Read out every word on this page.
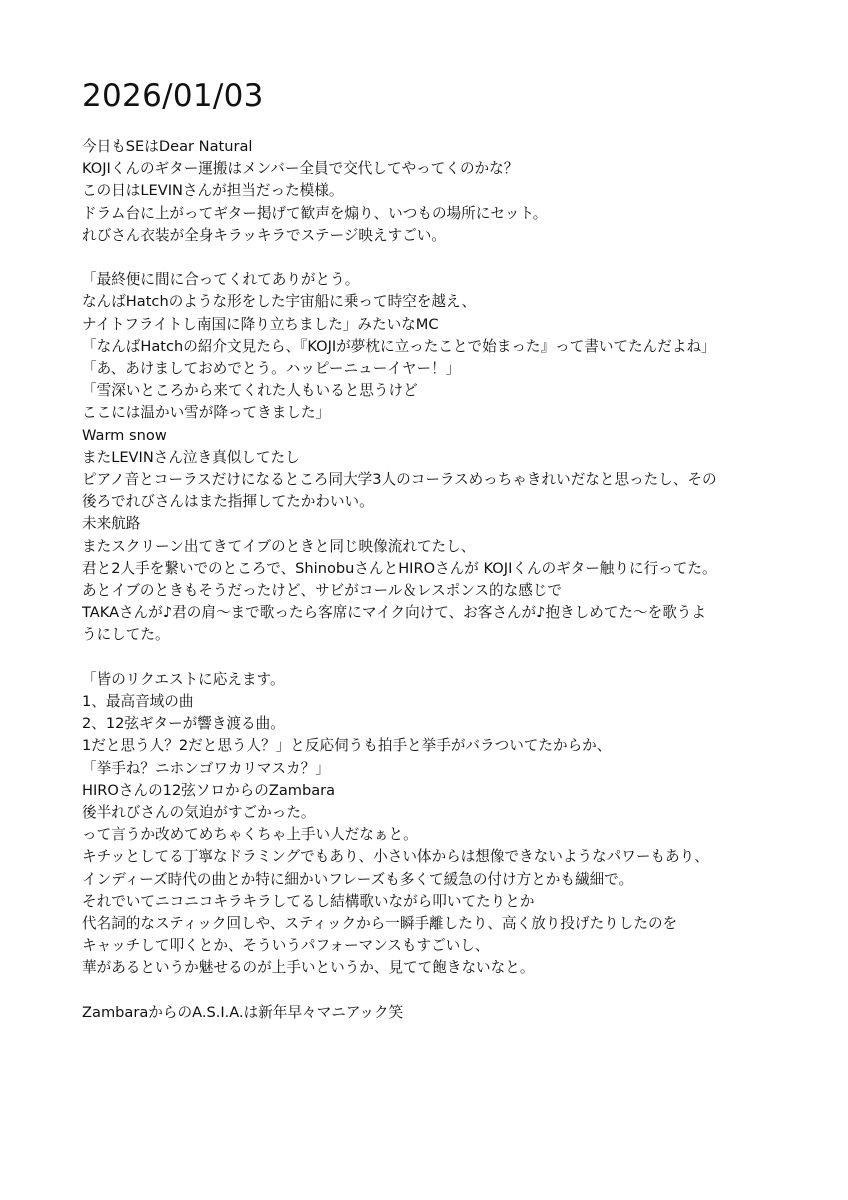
2026/01/03
今日もSEはDear Natural
KOJIくんのギター運搬はメンバー全員で交代してやってくのかな？
この日はLEVINさんが担当だった模様。
ドラム台に上がってギター掲げて歓声を煽り、いつもの場所にセット。
れびさん衣装が全身キラッキラでステージ映えすごい。
「最終便に間に合ってくれてありがとう。
なんばHatchのような形をした宇宙船に乗って時空を越え、
ナイトフライトし南国に降り立ちました」みたいなMC
「なんばHatchの紹介文見たら、『KOJIが夢枕に立ったことで始まった』って書いてたんだよね」
「あ、あけましておめでとう。ハッピーニューイヤー！」
「雪深いところから来てくれた人もいると思うけど
ここには温かい雪が降ってきました」
Warm snow
またLEVINさん泣き真似してたし
ピアノ音とコーラスだけになるところ同大学3人のコーラスめっちゃきれいだなと思ったし、その
後ろでれびさんはまた指揮してたかわいい。
未来航路
またスクリーン出てきてイブのときと同じ映像流れてたし、
君と2人手を繋いでのところで、ShinobuさんとHIROさんが KOJIくんのギター触りに行ってた。
あとイブのときもそうだったけど、サビがコール＆レスポンス的な感じで
TAKAさんが♪君の肩〜まで歌ったら客席にマイク向けて、お客さんが♪抱きしめてた〜を歌うよ
うにしてた。
「皆のリクエストに応えます。
1、最高音域の曲
2、12弦ギターが響き渡る曲。
1だと思う人？2だと思う人？」と反応伺うも拍手と挙手がバラついてたからか、
「挙手ね？ニホンゴワカリマスカ？」
HIROさんの12弦ソロからのZambara
後半れびさんの気迫がすごかった。
って言うか改めてめちゃくちゃ上手い人だなぁと。
キチッとしてる丁寧なドラミングでもあり、小さい体からは想像できないようなパワーもあり、
インディーズ時代の曲とか特に細かいフレーズも多くて緩急の付け方とかも繊細で。
それでいてニコニコキラキラしてるし結構歌いながら叩いてたりとか
代名詞的なスティック回しや、スティックから一瞬手離したり、高く放り投げたりしたのを
キャッチして叩くとか、そういうパフォーマンスもすごいし、
華があるというか魅せるのが上手いというか、見てて飽きないなと。
ZambaraからのA.S.I.A.は新年早々マニアック笑
